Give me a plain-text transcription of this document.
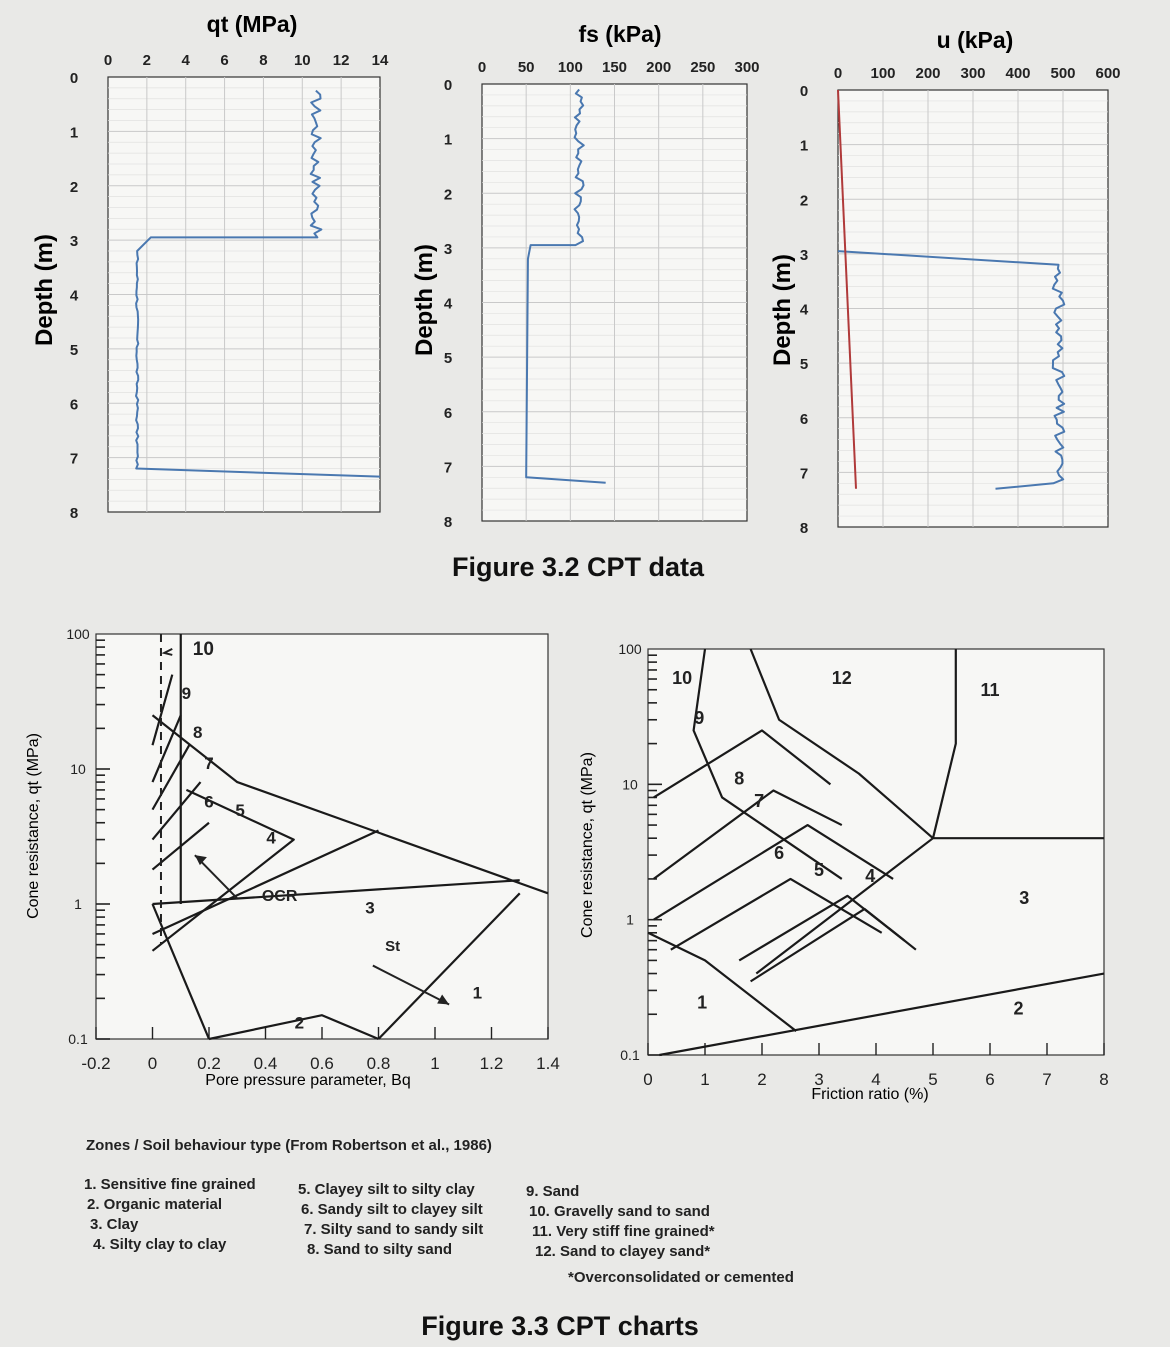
0
1
2
3
4
5
6
7
8
0 2 4 6 8 10 12 14
qt (MPa)
Depth (m)
0
1
2
3
4
5
6
7
8
0 50 100 150 200 250 300
fs (kPa)
Depth (m)
0
1
2
3
4
5
6
7
8
0 100 200 300 400 500 600
u (kPa)
Depth (m)
Figure 3.2 CPT data
0.1
1
10
100
-0.2 0 0.2 0.4 0.6 0.8 1 1.2 1.4
1
2
3
4
5
6
7
8
9
10
OCR
St
Pore pressure parameter, Bq
Cone resistance, qt (MPa)
0.1
1
10
100
0	1	2	3	4	5	6	7	8
1	2
3
4
5
6
7
8
9
10
11
12
Friction ratio (%)
Cone resistance, qt (MPa)
Zones / Soil behaviour type (From Robertson et al., 1986)
1. Sensitive fine grained
2. Organic material
3. Clay
4. Silty clay to clay
5. Clayey silt to silty clay
6. Sandy silt to clayey silt
7. Silty sand to sandy silt
8. Sand to silty sand
9. Sand
10. Gravelly sand to sand
11. Very stiff fine grained*
12. Sand to clayey sand*
*Overconsolidated or cemented
Figure 3.3 CPT charts
